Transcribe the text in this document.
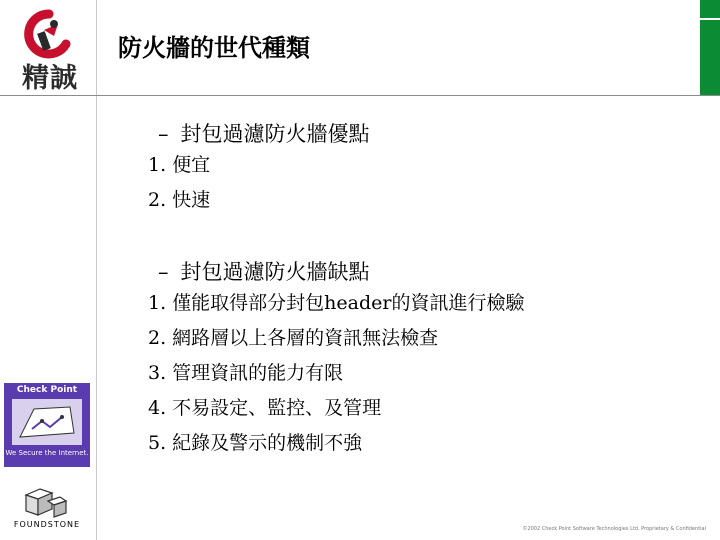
精誠
Check Point
We Secure the Internet.
FOUNDSTONE
防火牆的世代種類
– 封包過濾防火牆優點
1. 便宜
2. 快速
– 封包過濾防火牆缺點
1. 僅能取得部分封包header的資訊進行檢驗
2. 網路層以上各層的資訊無法檢查
3. 管理資訊的能力有限
4. 不易設定、監控、及管理
5. 紀錄及警示的機制不強
©2002 Check Point Software Technologies Ltd. Proprietary & Confidential
